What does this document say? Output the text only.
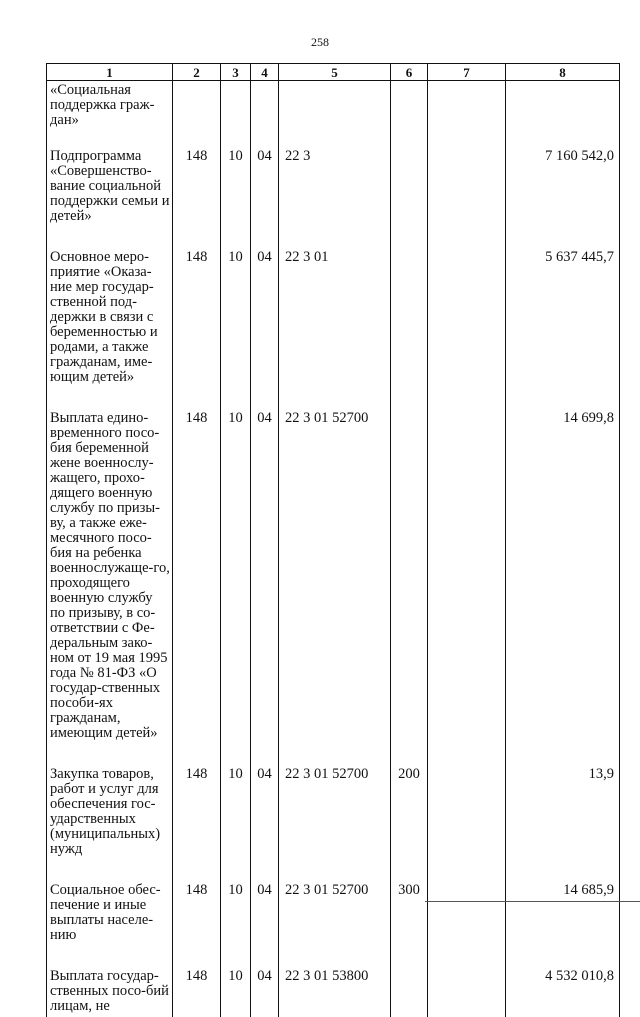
258
1	2	3	4	5	6	7	8
«Социальная поддержка граж-дан»							
Подпрограмма «Совершенство-вание социальной поддержки семьи и детей»	148	10	04	22 3			7 160 542,0
Основное меро-приятие «Оказа-ние мер государ-ственной под-держки в связи с беременностью и родами, а также гражданам, име-ющим детей»	148	10	04	22 3 01			5 637 445,7
Выплата едино-временного посо-бия беременной жене военнослу-жащего, прохо-дящего военную службу по призы-ву, а также еже-месячного посо-бия на ребенка военнослужаще-го, проходящего военную службу по призыву, в со-ответствии с Фе-деральным зако-ном от 19 мая 1995 года № 81-ФЗ «О государ-ственных пособи-ях гражданам, имеющим детей»	148	10	04	22 3 01 52700			14 699,8
Закупка товаров, работ и услуг для обеспечения гос-ударственных (муниципальных) нужд	148	10	04	22 3 01 52700	200		13,9
Социальное обес-печение и иные выплаты населе-нию	148	10	04	22 3 01 52700	300		14 685,9
Выплата государ-ственных посо-бий лицам, не	148	10	04	22 3 01 53800			4 532 010,8
